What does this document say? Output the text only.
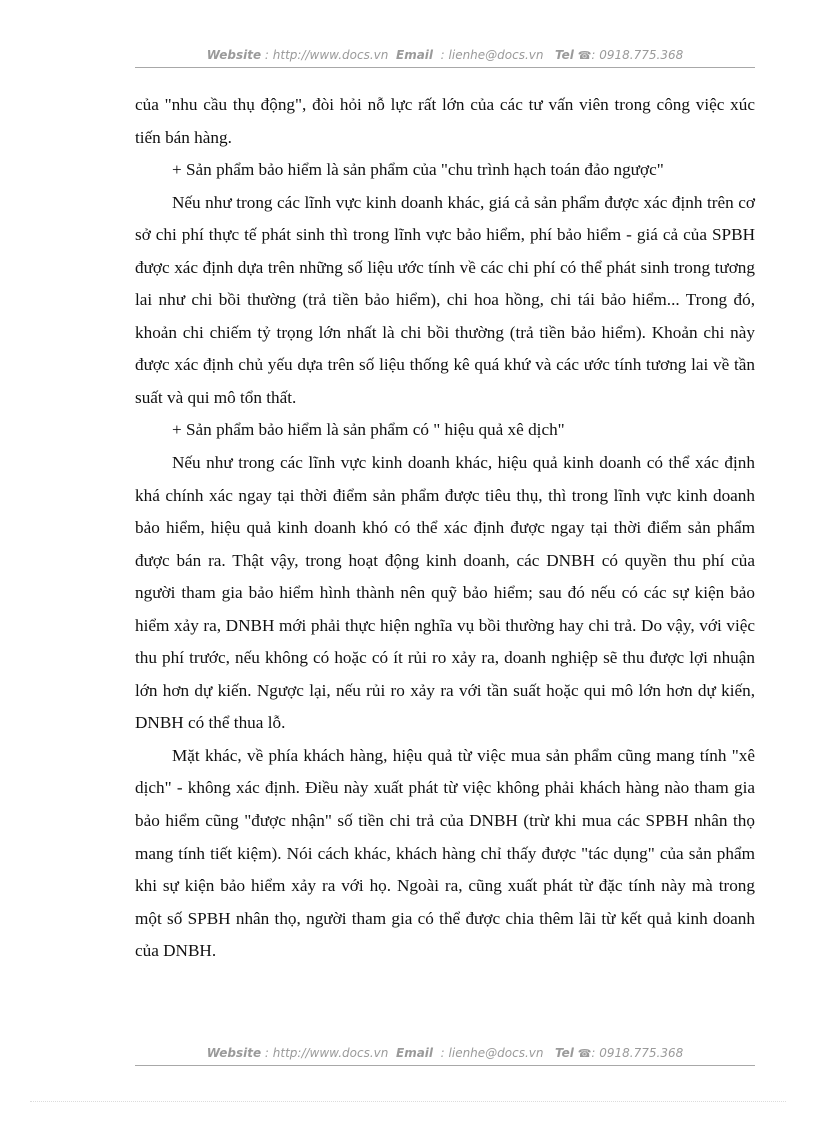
Website : http://www.docs.vn Email : lienhe@docs.vn Tel ☎: 0918.775.368

của "nhu cầu thụ động", đòi hỏi nỗ lực rất lớn của các tư vấn viên trong công việc xúc tiến bán hàng.

+ Sản phẩm bảo hiểm là sản phẩm của "chu trình hạch toán đảo ngược"

Nếu như trong các lĩnh vực kinh doanh khác, giá cả sản phẩm được xác định trên cơ sở chi phí thực tế phát sinh thì trong lĩnh vực bảo hiểm, phí bảo hiểm - giá cả của SPBH được xác định dựa trên những số liệu ước tính về các chi phí có thể phát sinh trong tương lai như chi bồi thường (trả tiền bảo hiểm), chi hoa hồng, chi tái bảo hiểm... Trong đó, khoản chi chiếm tỷ trọng lớn nhất là chi bồi thường (trả tiền bảo hiểm). Khoản chi này được xác định chủ yếu dựa trên số liệu thống kê quá khứ và các ước tính tương lai về tần suất và qui mô tổn thất.

+ Sản phẩm bảo hiểm là sản phẩm có " hiệu quả xê dịch"

Nếu như trong các lĩnh vực kinh doanh khác, hiệu quả kinh doanh có thể xác định khá chính xác ngay tại thời điểm sản phẩm được tiêu thụ, thì trong lĩnh vực kinh doanh bảo hiểm, hiệu quả kinh doanh khó có thể xác định được ngay tại thời điểm sản phẩm được bán ra. Thật vậy, trong hoạt động kinh doanh, các DNBH có quyền thu phí của người tham gia bảo hiểm hình thành nên quỹ bảo hiểm; sau đó nếu có các sự kiện bảo hiểm xảy ra, DNBH mới phải thực hiện nghĩa vụ bồi thường hay chi trả. Do vậy, với việc thu phí trước, nếu không có hoặc có ít rủi ro xảy ra, doanh nghiệp sẽ thu được lợi nhuận lớn hơn dự kiến. Ngược lại, nếu rủi ro xảy ra với tần suất hoặc qui mô lớn hơn dự kiến, DNBH có thể thua lỗ.

Mặt khác, về phía khách hàng, hiệu quả từ việc mua sản phẩm cũng mang tính "xê dịch" - không xác định. Điều này xuất phát từ việc không phải khách hàng nào tham gia bảo hiểm cũng "được nhận" số tiền chi trả của DNBH (trừ khi mua các SPBH nhân thọ mang tính tiết kiệm). Nói cách khác, khách hàng chỉ thấy được "tác dụng" của sản phẩm khi sự kiện bảo hiểm xảy ra với họ. Ngoài ra, cũng xuất phát từ đặc tính này mà trong một số SPBH nhân thọ, người tham gia có thể được chia thêm lãi từ kết quả kinh doanh của DNBH.

Website : http://www.docs.vn Email : lienhe@docs.vn Tel ☎: 0918.775.368
